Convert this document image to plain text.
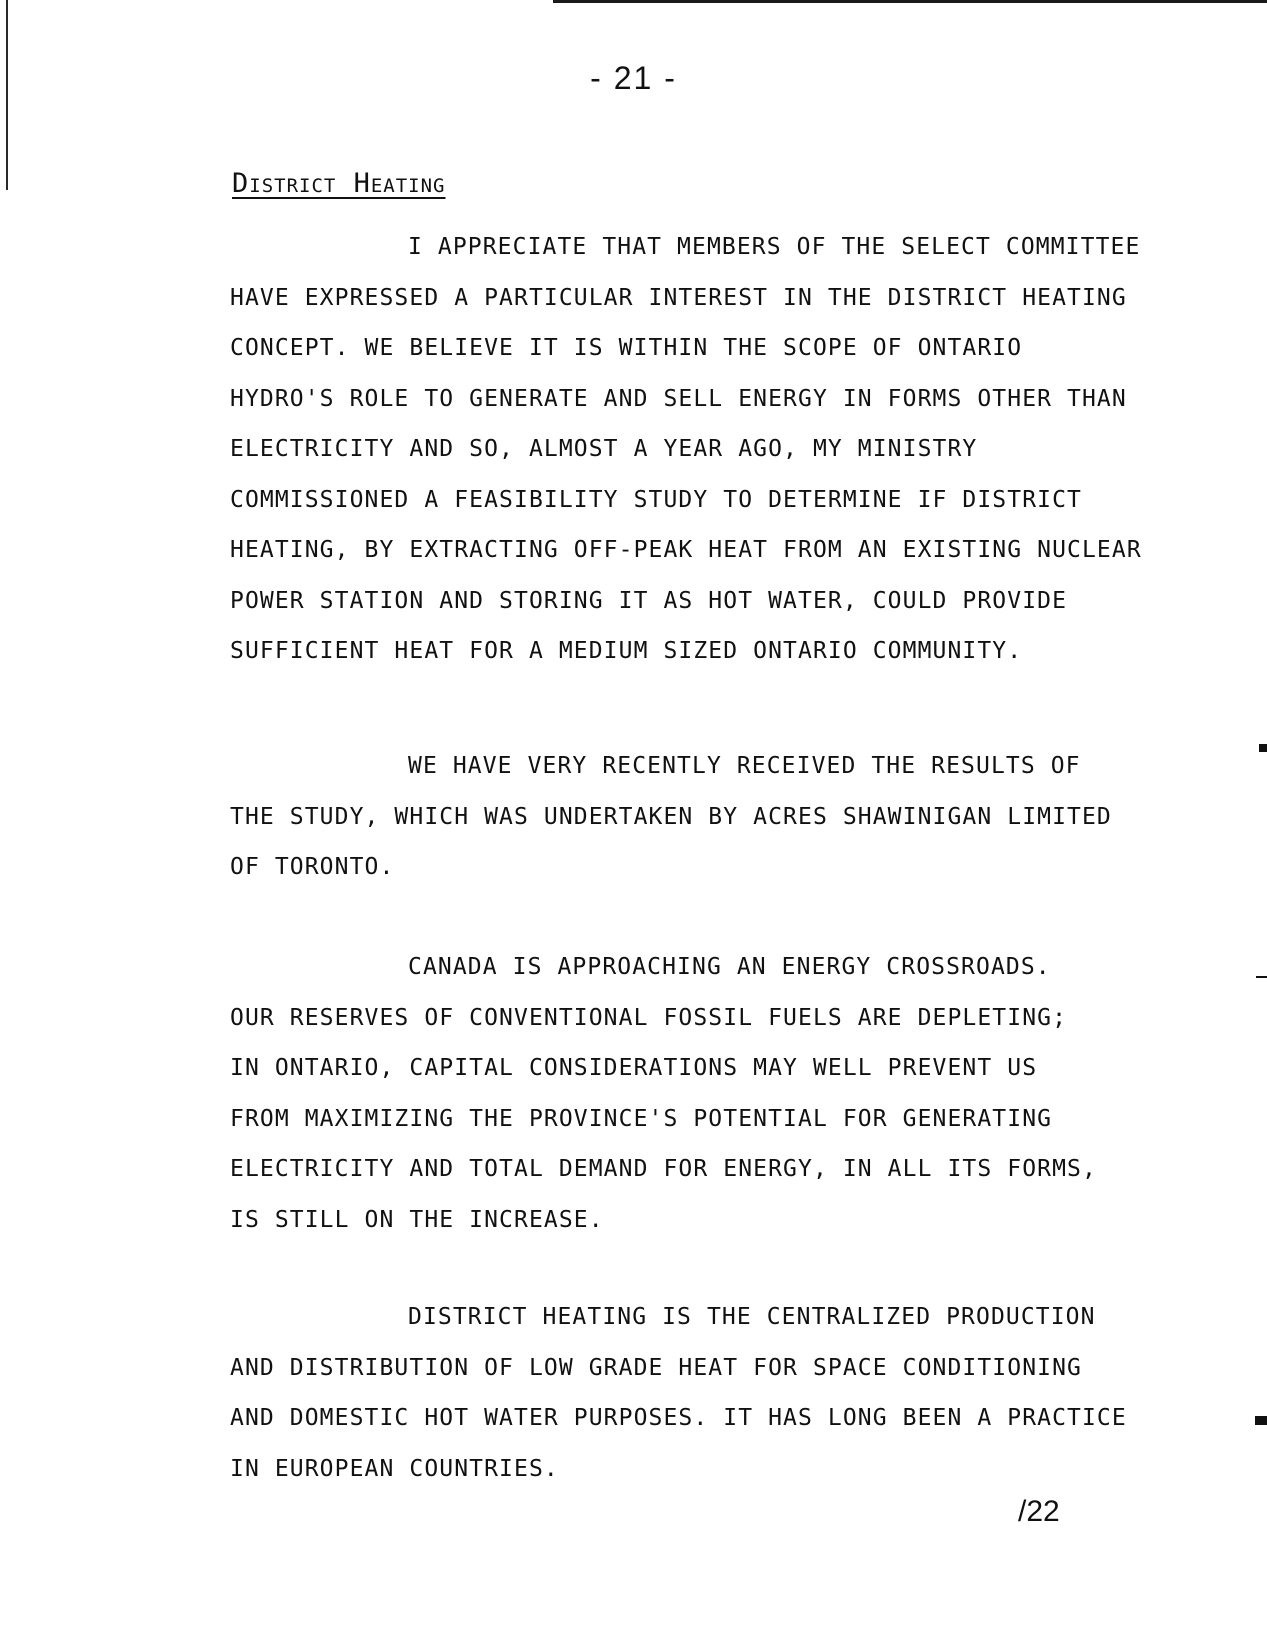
- 21 -
District Heating
I APPRECIATE THAT MEMBERS OF THE SELECT COMMITTEE
HAVE EXPRESSED A PARTICULAR INTEREST IN THE DISTRICT HEATING
CONCEPT. WE BELIEVE IT IS WITHIN THE SCOPE OF ONTARIO
HYDRO'S ROLE TO GENERATE AND SELL ENERGY IN FORMS OTHER THAN
ELECTRICITY AND SO, ALMOST A YEAR AGO, MY MINISTRY
COMMISSIONED A FEASIBILITY STUDY TO DETERMINE IF DISTRICT
HEATING, BY EXTRACTING OFF-PEAK HEAT FROM AN EXISTING NUCLEAR
POWER STATION AND STORING IT AS HOT WATER, COULD PROVIDE
SUFFICIENT HEAT FOR A MEDIUM SIZED ONTARIO COMMUNITY.
WE HAVE VERY RECENTLY RECEIVED THE RESULTS OF
THE STUDY, WHICH WAS UNDERTAKEN BY ACRES SHAWINIGAN LIMITED
OF TORONTO.
CANADA IS APPROACHING AN ENERGY CROSSROADS.
OUR RESERVES OF CONVENTIONAL FOSSIL FUELS ARE DEPLETING;
IN ONTARIO, CAPITAL CONSIDERATIONS MAY WELL PREVENT US
FROM MAXIMIZING THE PROVINCE'S POTENTIAL FOR GENERATING
ELECTRICITY AND TOTAL DEMAND FOR ENERGY, IN ALL ITS FORMS,
IS STILL ON THE INCREASE.
DISTRICT HEATING IS THE CENTRALIZED PRODUCTION
AND DISTRIBUTION OF LOW GRADE HEAT FOR SPACE CONDITIONING
AND DOMESTIC HOT WATER PURPOSES. IT HAS LONG BEEN A PRACTICE
IN EUROPEAN COUNTRIES.
/22
